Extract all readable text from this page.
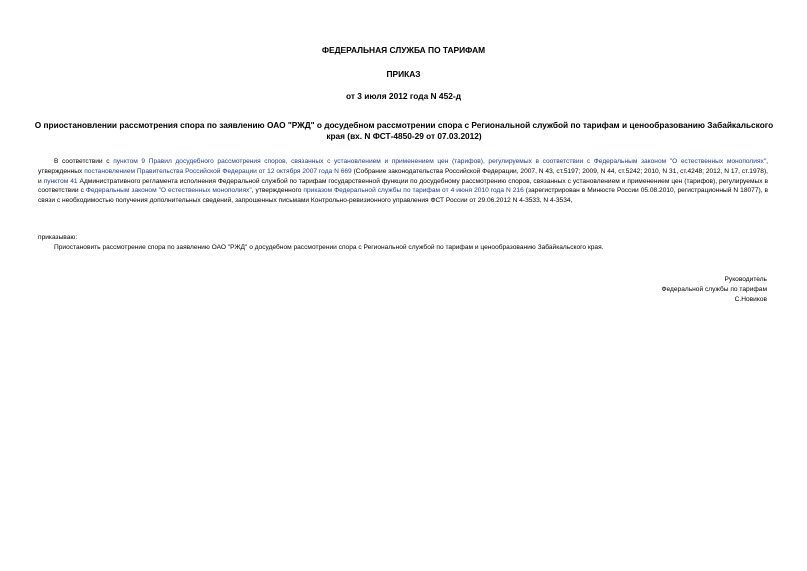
ФЕДЕРАЛЬНАЯ СЛУЖБА ПО ТАРИФАМ
ПРИКАЗ
от 3 июля 2012 года N 452-д
О приостановлении рассмотрения спора по заявлению ОАО "РЖД" о досудебном рассмотрении спора с Региональной службой по тарифам и ценообразованию Забайкальского края (вх. N ФСТ-4850-29 от 07.03.2012)
В соответствии с пунктом 9 Правил досудебного рассмотрения споров, связанных с установлением и применением цен (тарифов), регулируемых в соответствии с Федеральным законом "О естественных монополиях", утвержденных постановлением Правительства Российской Федерации от 12 октября 2007 года N 669 (Собрание законодательства Российской Федерации, 2007, N 43, ст.5197; 2009, N 44, ст.5242; 2010, N 31, ст.4248; 2012, N 17, ст.1978), и пунктом 41 Административного регламента исполнения Федеральной службой по тарифам государственной функции по досудебному рассмотрению споров, связанных с установлением и применением цен (тарифов), регулируемых в соответствии с Федеральным законом "О естественных монополиях", утвержденного приказом Федеральной службы по тарифам от 4 июня 2010 года N 216 (зарегистрирован в Минюсте России 05.08.2010, регистрационный N 18077), в связи с необходимостью получения дополнительных сведений, запрошенных письмами Контрольно-ревизионного управления ФСТ России от 29.06.2012 N 4-3533, N 4-3534,
приказываю:
Приостановить рассмотрение спора по заявлению ОАО "РЖД" о досудебном рассмотрении спора с Региональной службой по тарифам и ценообразованию Забайкальского края.
Руководитель
Федеральной службы по тарифам
С.Новиков
